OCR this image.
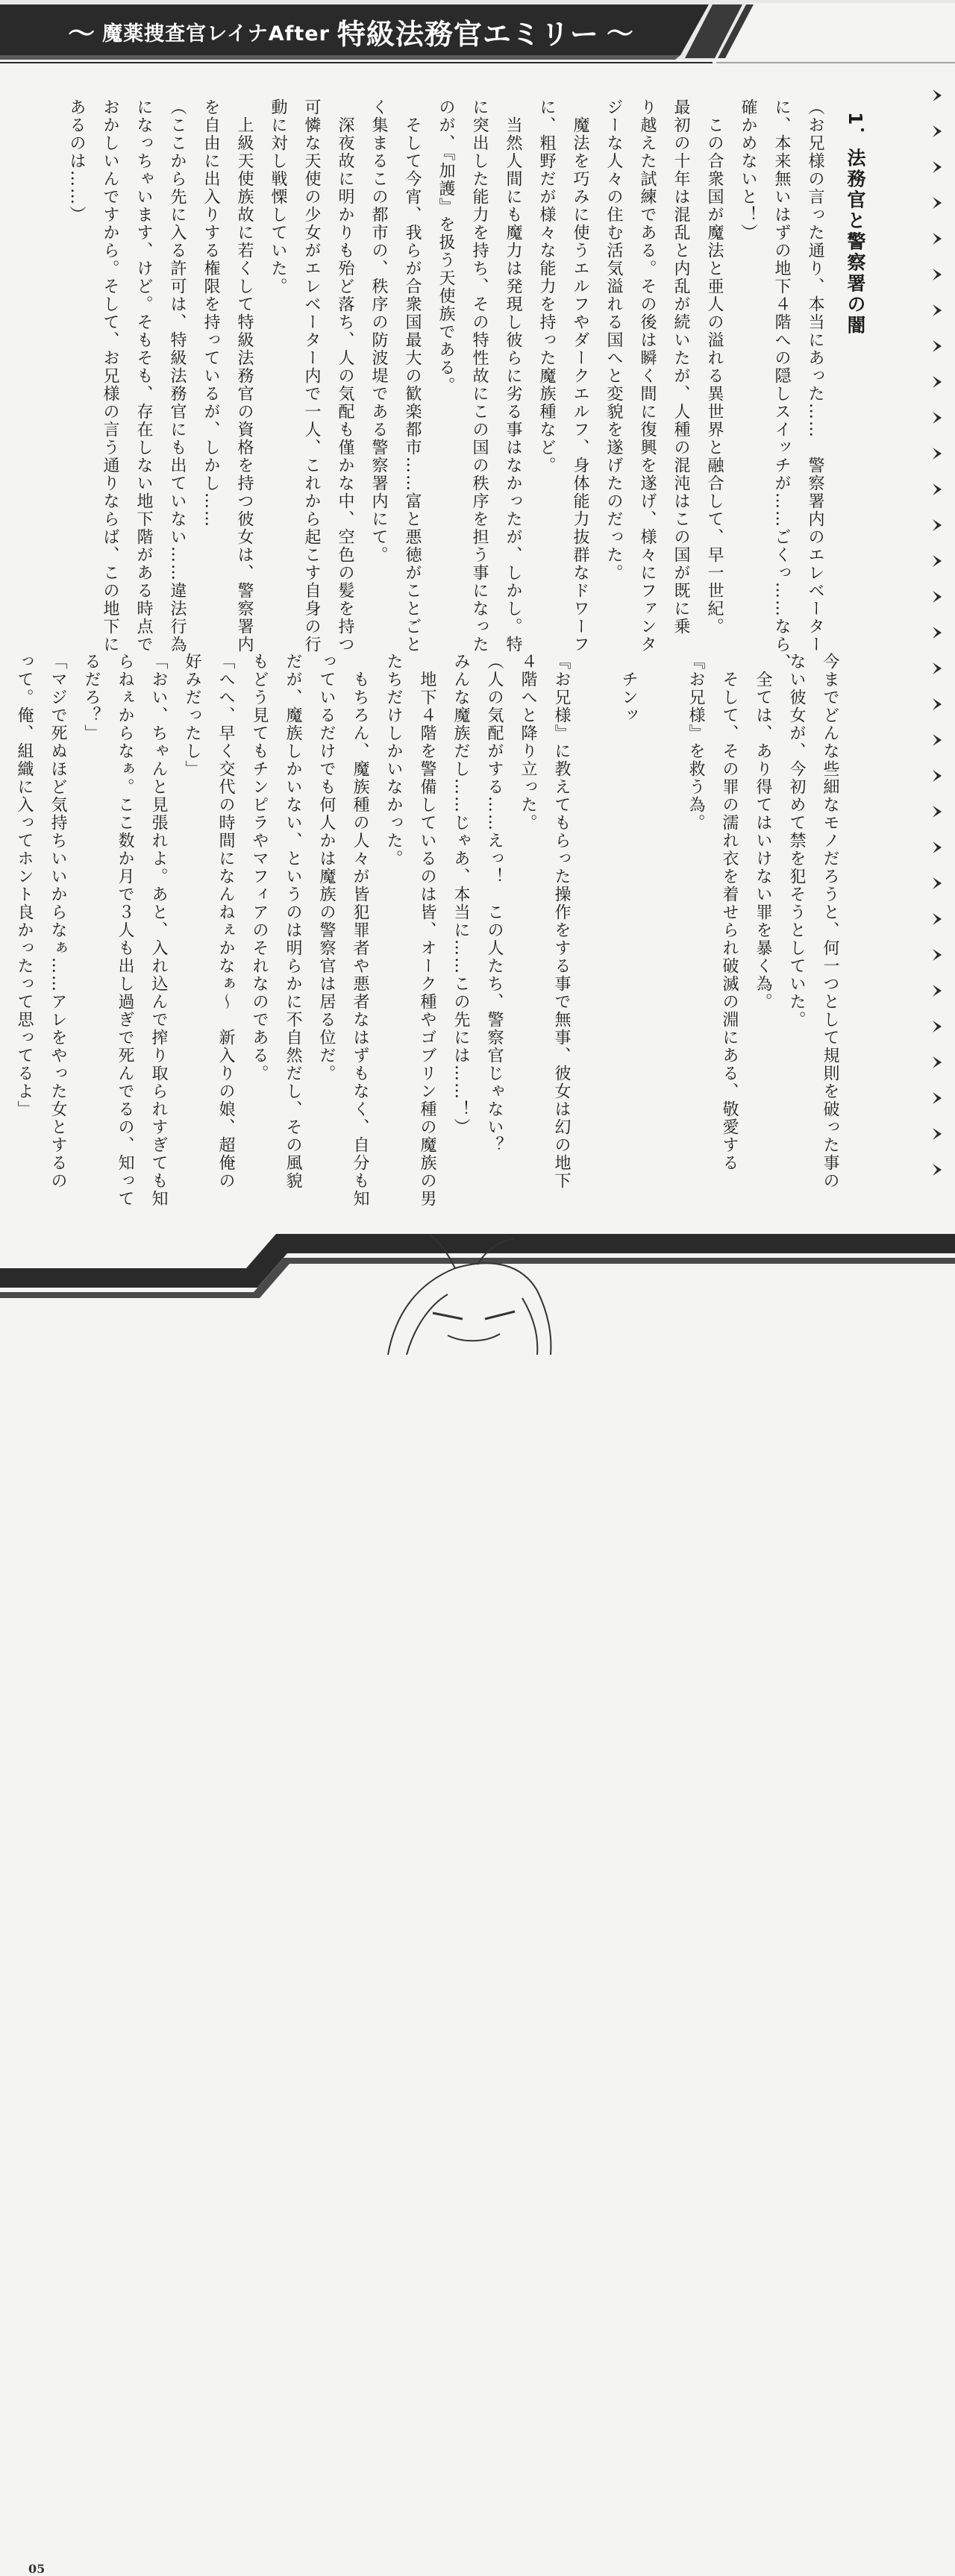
〜 魔薬捜査官レイナAfter 特級法務官エミリー 〜
1．法務官と警察署の闇

（お兄様の言った通り、本当にあった……　警察署内のエレベーター

に、本来無いはずの地下４階への隠しスイッチが……ごくっ……なら、

確かめないと！）

　この合衆国が魔法と亜人の溢れる異世界と融合して、早一世紀。

最初の十年は混乱と内乱が続いたが、人種の混沌はこの国が既に乗

り越えた試練である。その後は瞬く間に復興を遂げ、様々にファンタ

ジーな人々の住む活気溢れる国へと変貌を遂げたのだった。

　魔法を巧みに使うエルフやダークエルフ、身体能力抜群なドワーフ

に、粗野だが様々な能力を持った魔族種など。

　当然人間にも魔力は発現し彼らに劣る事はなかったが、しかし。特

に突出した能力を持ち、その特性故にこの国の秩序を担う事になった

のが、『加護』を扱う天使族である。

　そして今宵、我らが合衆国最大の歓楽都市……富と悪徳がことごと

く集まるこの都市の、秩序の防波堤である警察署内にて。

　深夜故に明かりも殆ど落ち、人の気配も僅かな中、空色の髪を持つ

可憐な天使の少女がエレベーター内で一人、これから起こす自身の行

動に対し戦慄していた。

　上級天使族故に若くして特級法務官の資格を持つ彼女は、警察署内

を自由に出入りする権限を持っているが、しかし……

（ここから先に入る許可は、特級法務官にも出ていない……違法行為

になっちゃいます、けど。そもそも、存在しない地下階がある時点で

おかしいんですから。そして、お兄様の言う通りならば、この地下に

あるのは……）

今までどんな些細なモノだろうと、何一つとして規則を破った事の

ない彼女が、今初めて禁を犯そうとしていた。

　全ては、あり得てはいけない罪を暴く為。

　そして、その罪の濡れ衣を着せられ破滅の淵にある、敬愛する

『お兄様』を救う為。

　チンッ

『お兄様』に教えてもらった操作をする事で無事、彼女は幻の地下

４階へと降り立った。

（人の気配がする……えっ！　この人たち、警察官じゃない？

みんな魔族だし……じゃあ、本当に……この先には……！）

　地下４階を警備しているのは皆、オーク種やゴブリン種の魔族の男

たちだけしかいなかった。

　もちろん、魔族種の人々が皆犯罪者や悪者なはずもなく、自分も知

っているだけでも何人かは魔族の警察官は居る位だ。

だが、魔族しかいない、というのは明らかに不自然だし、その風貌

もどう見てもチンピラやマフィアのそれなのである。

「へへ、早く交代の時間になんねぇかなぁ〜　新入りの娘、超俺の

好みだったし」

「おい、ちゃんと見張れよ。あと、入れ込んで搾り取られすぎても知

らねぇからなぁ。ここ数か月で３人も出し過ぎで死んでるの、知って

るだろ？」

「マジで死ぬほど気持ちいいからなぁ……アレをやった女とするの

って。俺、組織に入ってホント良かったって思ってるよ」

05
